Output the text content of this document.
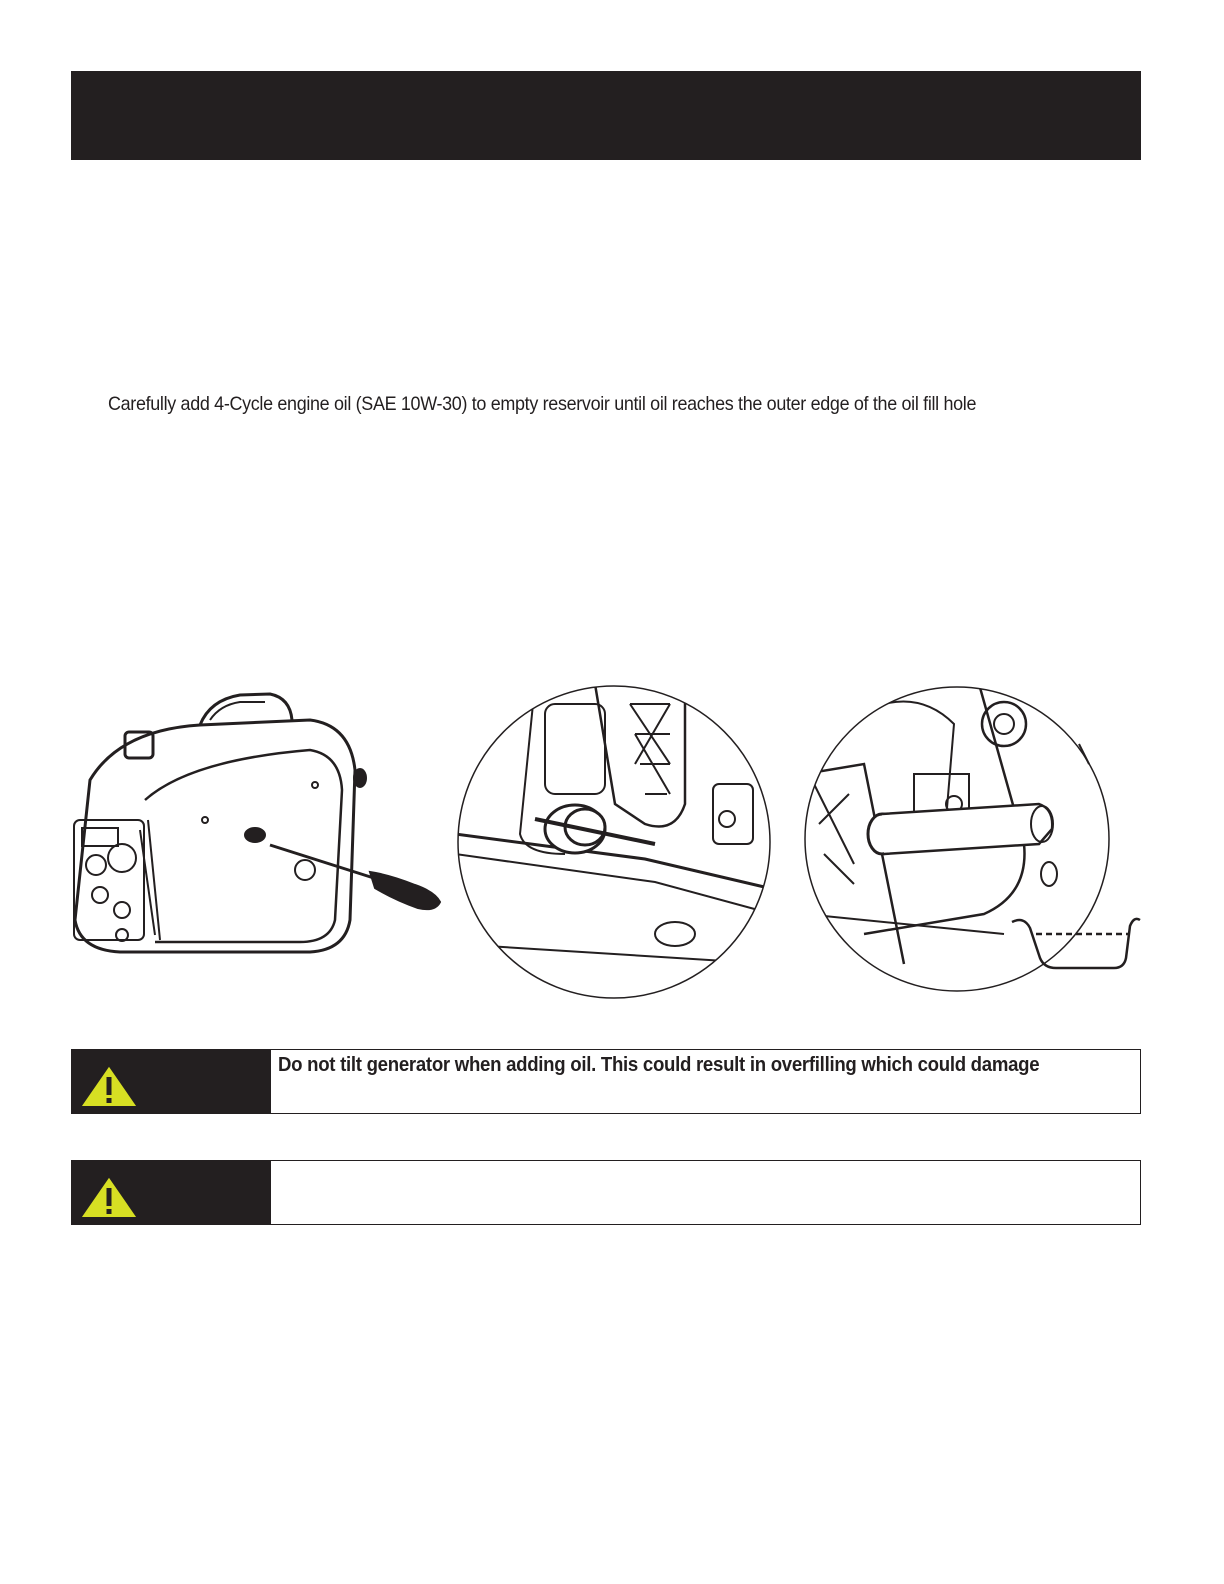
Carefully add 4-Cycle engine oil (SAE 10W-30) to empty reservoir until oil reaches the outer edge of the oil fill hole
Do not tilt generator when adding oil. This could result in overfilling which could damage
